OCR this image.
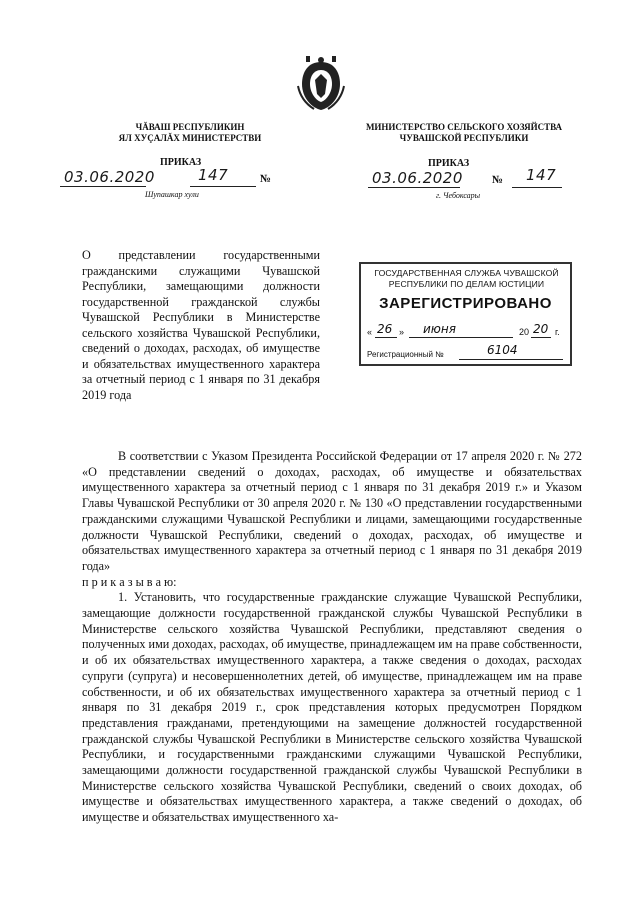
ЧĂВАШ РЕСПУБЛИКИН
ЯЛ ХУÇАЛĂХ МИНИСТЕРСТВИ
ПРИКАЗ
03.06.2020	147	№
Шупашкар хули
МИНИСТЕРСТВО СЕЛЬСКОГО ХОЗЯЙСТВА
ЧУВАШСКОЙ РЕСПУБЛИКИ
ПРИКАЗ
03.06.2020	№ 147
г. Чебоксары
О представлении государственными гражданскими служащими Чувашской Республики, замещающими должности государственной гражданской службы Чувашской Республики в Министерстве сельского хозяйства Чувашской Республики, сведений о доходах, расходах, об имуществе и обязательствах имущественного характера за отчетный период с 1 января по 31 декабря 2019 года
ГОСУДАРСТВЕННАЯ СЛУЖБА ЧУВАШСКОЙ
РЕСПУБЛИКИ ПО ДЕЛАМ ЮСТИЦИИ
ЗАРЕГИСТРИРОВАНО
« 26 » июня	20 20 г.
Регистрационный №	6104

В соответствии с Указом Президента Российской Федерации от 17 апреля 2020 г. № 272 «О представлении сведений о доходах, расходах, об имуществе и обязательствах имущественного характера за отчетный период с 1 января по 31 декабря 2019 г.» и Указом Главы Чувашской Республики от 30 апреля 2020 г. № 130 «О представлении государственными гражданскими служащими Чувашской Республики и лицами, замещающими государственные должности Чувашской Республики, сведений о доходах, расходах, об имуществе и обязательствах имущественного характера за отчетный период с 1 января по 31 декабря 2019 года»

п р и к а з ы в а ю:

1. Установить, что государственные гражданские служащие Чувашской Республики, замещающие должности государственной гражданской службы Чувашской Республики в Министерстве сельского хозяйства Чувашской Республики, представляют сведения о полученных ими доходах, расходах, об имуществе, принадлежащем им на праве собственности, и об их обязательствах имущественного характера, а также сведения о доходах, расходах супруги (супруга) и несовершеннолетних детей, об имуществе, принадлежащем им на праве собственности, и об их обязательствах имущественного характера за отчетный период с 1 января по 31 декабря 2019 г., срок представления которых предусмотрен Порядком представления гражданами, претендующими на замещение должностей государственной гражданской службы Чувашской Республики в Министерстве сельского хозяйства Чувашской Республики, и государственными гражданскими служащими Чувашской Республики, замещающими должности государственной гражданской службы Чувашской Республики в Министерстве сельского хозяйства Чувашской Республики, сведений о своих доходах, об имуществе и обязательствах имущественного характера, а также сведений о доходах, об имуществе и обязательствах имущественного ха-
